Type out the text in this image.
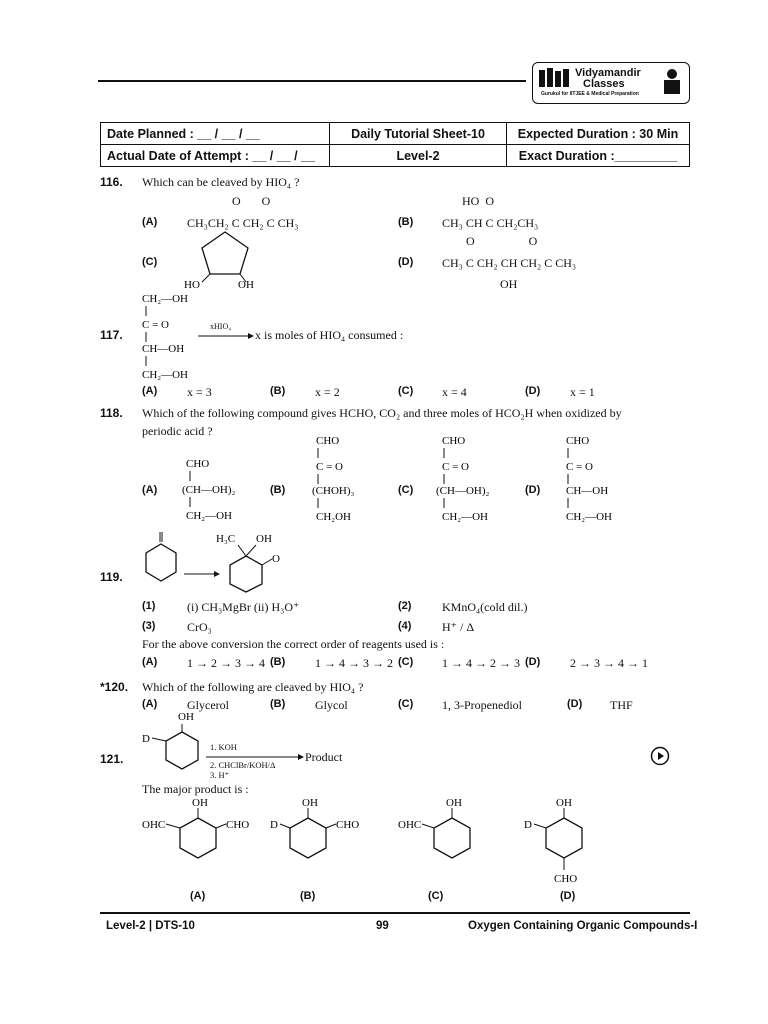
Vidyamandir
Classes
Gurukul for IITJEE & Medical Preparation
Date Planned : __ / __ / __	Daily Tutorial Sheet-10	Expected Duration : 30 Min
Actual Date of Attempt : __ / __ / __	Level-2	Exact Duration :_________
116. Which can be cleaved by HIO₄ ?
(A)
O       O
CH₃CH₂ C CH₂ C CH₃	(B)
HO  O
CH₃ CH C CH₂CH₃
(C)
HO	OH
(D)
O                  O
CH₃ C CH₂ CH CH₂ C CH₃
OH
CH₂—OH
C = O
CH—OH
CH₂—OH
117.
xHIO₄
x is moles of HIO₄ consumed :
(A) x = 3	(B) x = 2	(C) x = 4	(D) x = 1
118. Which of the following compound gives HCHO, CO₂ and three moles of HCO₂H when oxidized by
periodic acid ?
(A)
CHO
(CH—OH)₂
CH₂—OH
(B)
CHO
C = O
(CHOH)₃
CH₂OH
(C)
CHO
C = O
(CH—OH)₂
CH₂—OH
(D)
CHO
C = O
CH—OH
CH₂—OH
119.
H₃C OH
O
(1)	(i) CH₃MgBr (ii) H₃O⁺	(2)	KMnO₄(cold dil.)
(3)	CrO₃	(4)	H⁺ / Δ
For the above conversion the correct order of reagents used is :
(A) 1 → 2 → 3 → 4 (B) 1 → 4 → 3 → 2 (C) 1 → 4 → 2 → 3 (D) 2 → 3 → 4 → 1
*120. Which of the following are cleaved by HIO₄ ?
(A) Glycerol	(B) Glycol	(C) 1, 3-Propenediol	(D) THF
121.
OH
D
1. KOH
Product
2. CHClBr/KOH/Δ
3. H⁺
The major product is :
OH
OHC	CHO
OH
D	CHO
OH
OHC
OH
D
CHO
(A)	(B)	(C)	(D)
Level-2 | DTS-10	99	Oxygen Containing Organic Compounds-I
